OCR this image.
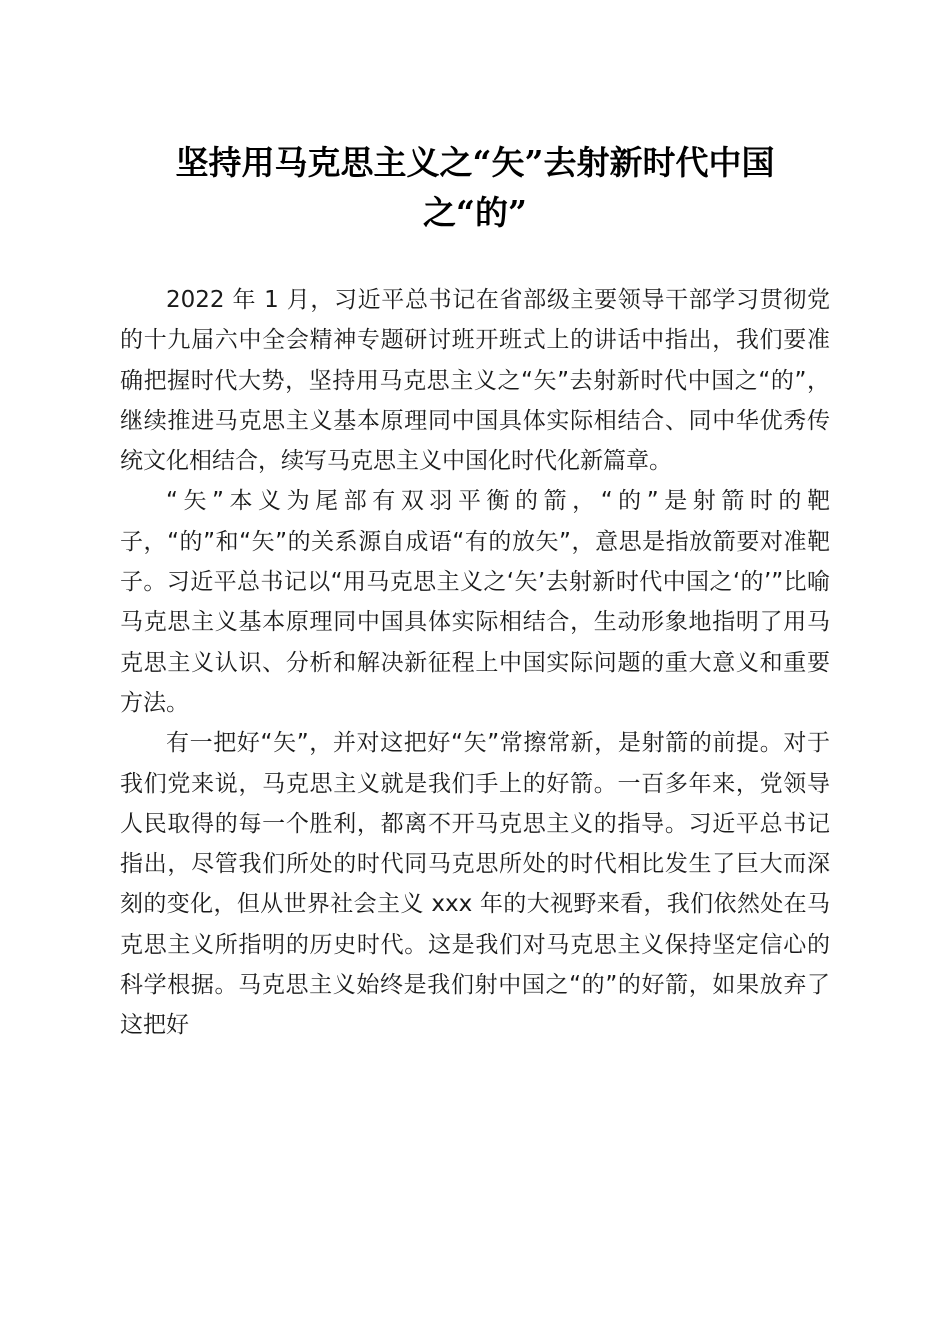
坚持用马克思主义之“矢”去射新时代中国
之“的”

2022 年 1 月，习近平总书记在省部级主要领导干部学习贯彻党的十九届六中全会精神专题研讨班开班式上的讲话中指出，我们要准确把握时代大势，坚持用马克思主义之“矢”去射新时代中国之“的”，继续推进马克思主义基本原理同中国具体实际相结合、同中华优秀传统文化相结合，续写马克思主义中国化时代化新篇章。

“矢”本义为尾部有双羽平衡的箭，“的”是射箭时的靶子，“的”和“矢”的关系源自成语“有的放矢”，意思是指放箭要对准靶子。习近平总书记以“用马克思主义之‘矢’去射新时代中国之‘的’”比喻马克思主义基本原理同中国具体实际相结合，生动形象地指明了用马克思主义认识、分析和解决新征程上中国实际问题的重大意义和重要方法。

有一把好“矢”，并对这把好“矢”常擦常新，是射箭的前提。对于我们党来说，马克思主义就是我们手上的好箭。一百多年来，党领导人民取得的每一个胜利，都离不开马克思主义的指导。习近平总书记指出，尽管我们所处的时代同马克思所处的时代相比发生了巨大而深刻的变化，但从世界社会主义 xxx 年的大视野来看，我们依然处在马克思主义所指明的历史时代。这是我们对马克思主义保持坚定信心的科学根据。马克思主义始终是我们射中国之“的”的好箭，如果放弃了这把好
